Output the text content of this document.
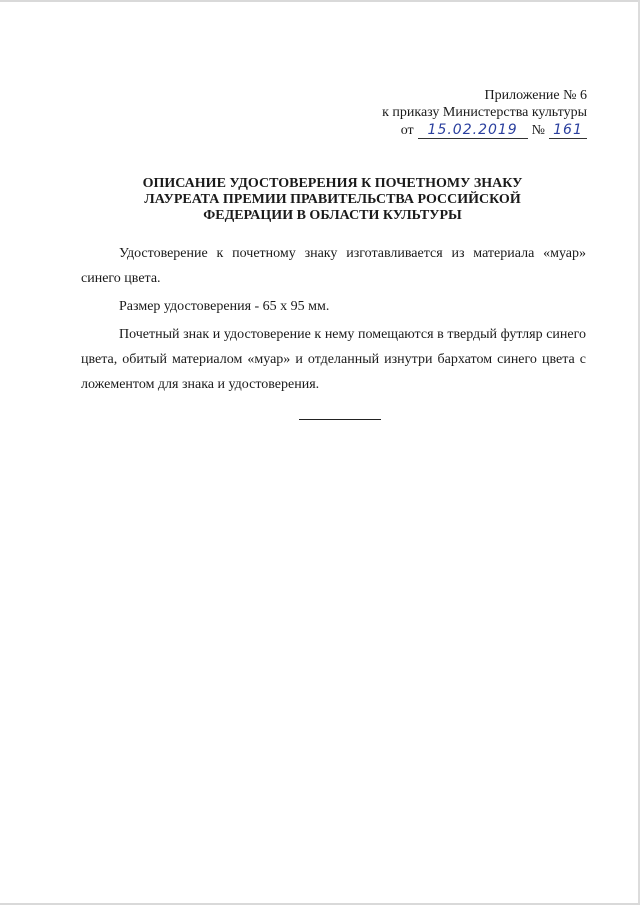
Приложение № 6
к приказу Министерства культуры
от 15.02.2019 № 161
ОПИСАНИЕ УДОСТОВЕРЕНИЯ К ПОЧЕТНОМУ ЗНАКУ
ЛАУРЕАТА ПРЕМИИ ПРАВИТЕЛЬСТВА РОССИЙСКОЙ
ФЕДЕРАЦИИ В ОБЛАСТИ КУЛЬТУРЫ

Удостоверение к почетному знаку изготавливается из материала «муар» синего цвета.

Размер удостоверения - 65 х 95 мм.

Почетный знак и удостоверение к нему помещаются в твердый футляр синего цвета, обитый материалом «муар» и отделанный изнутри бархатом синего цвета с ложементом для знака и удостоверения.
